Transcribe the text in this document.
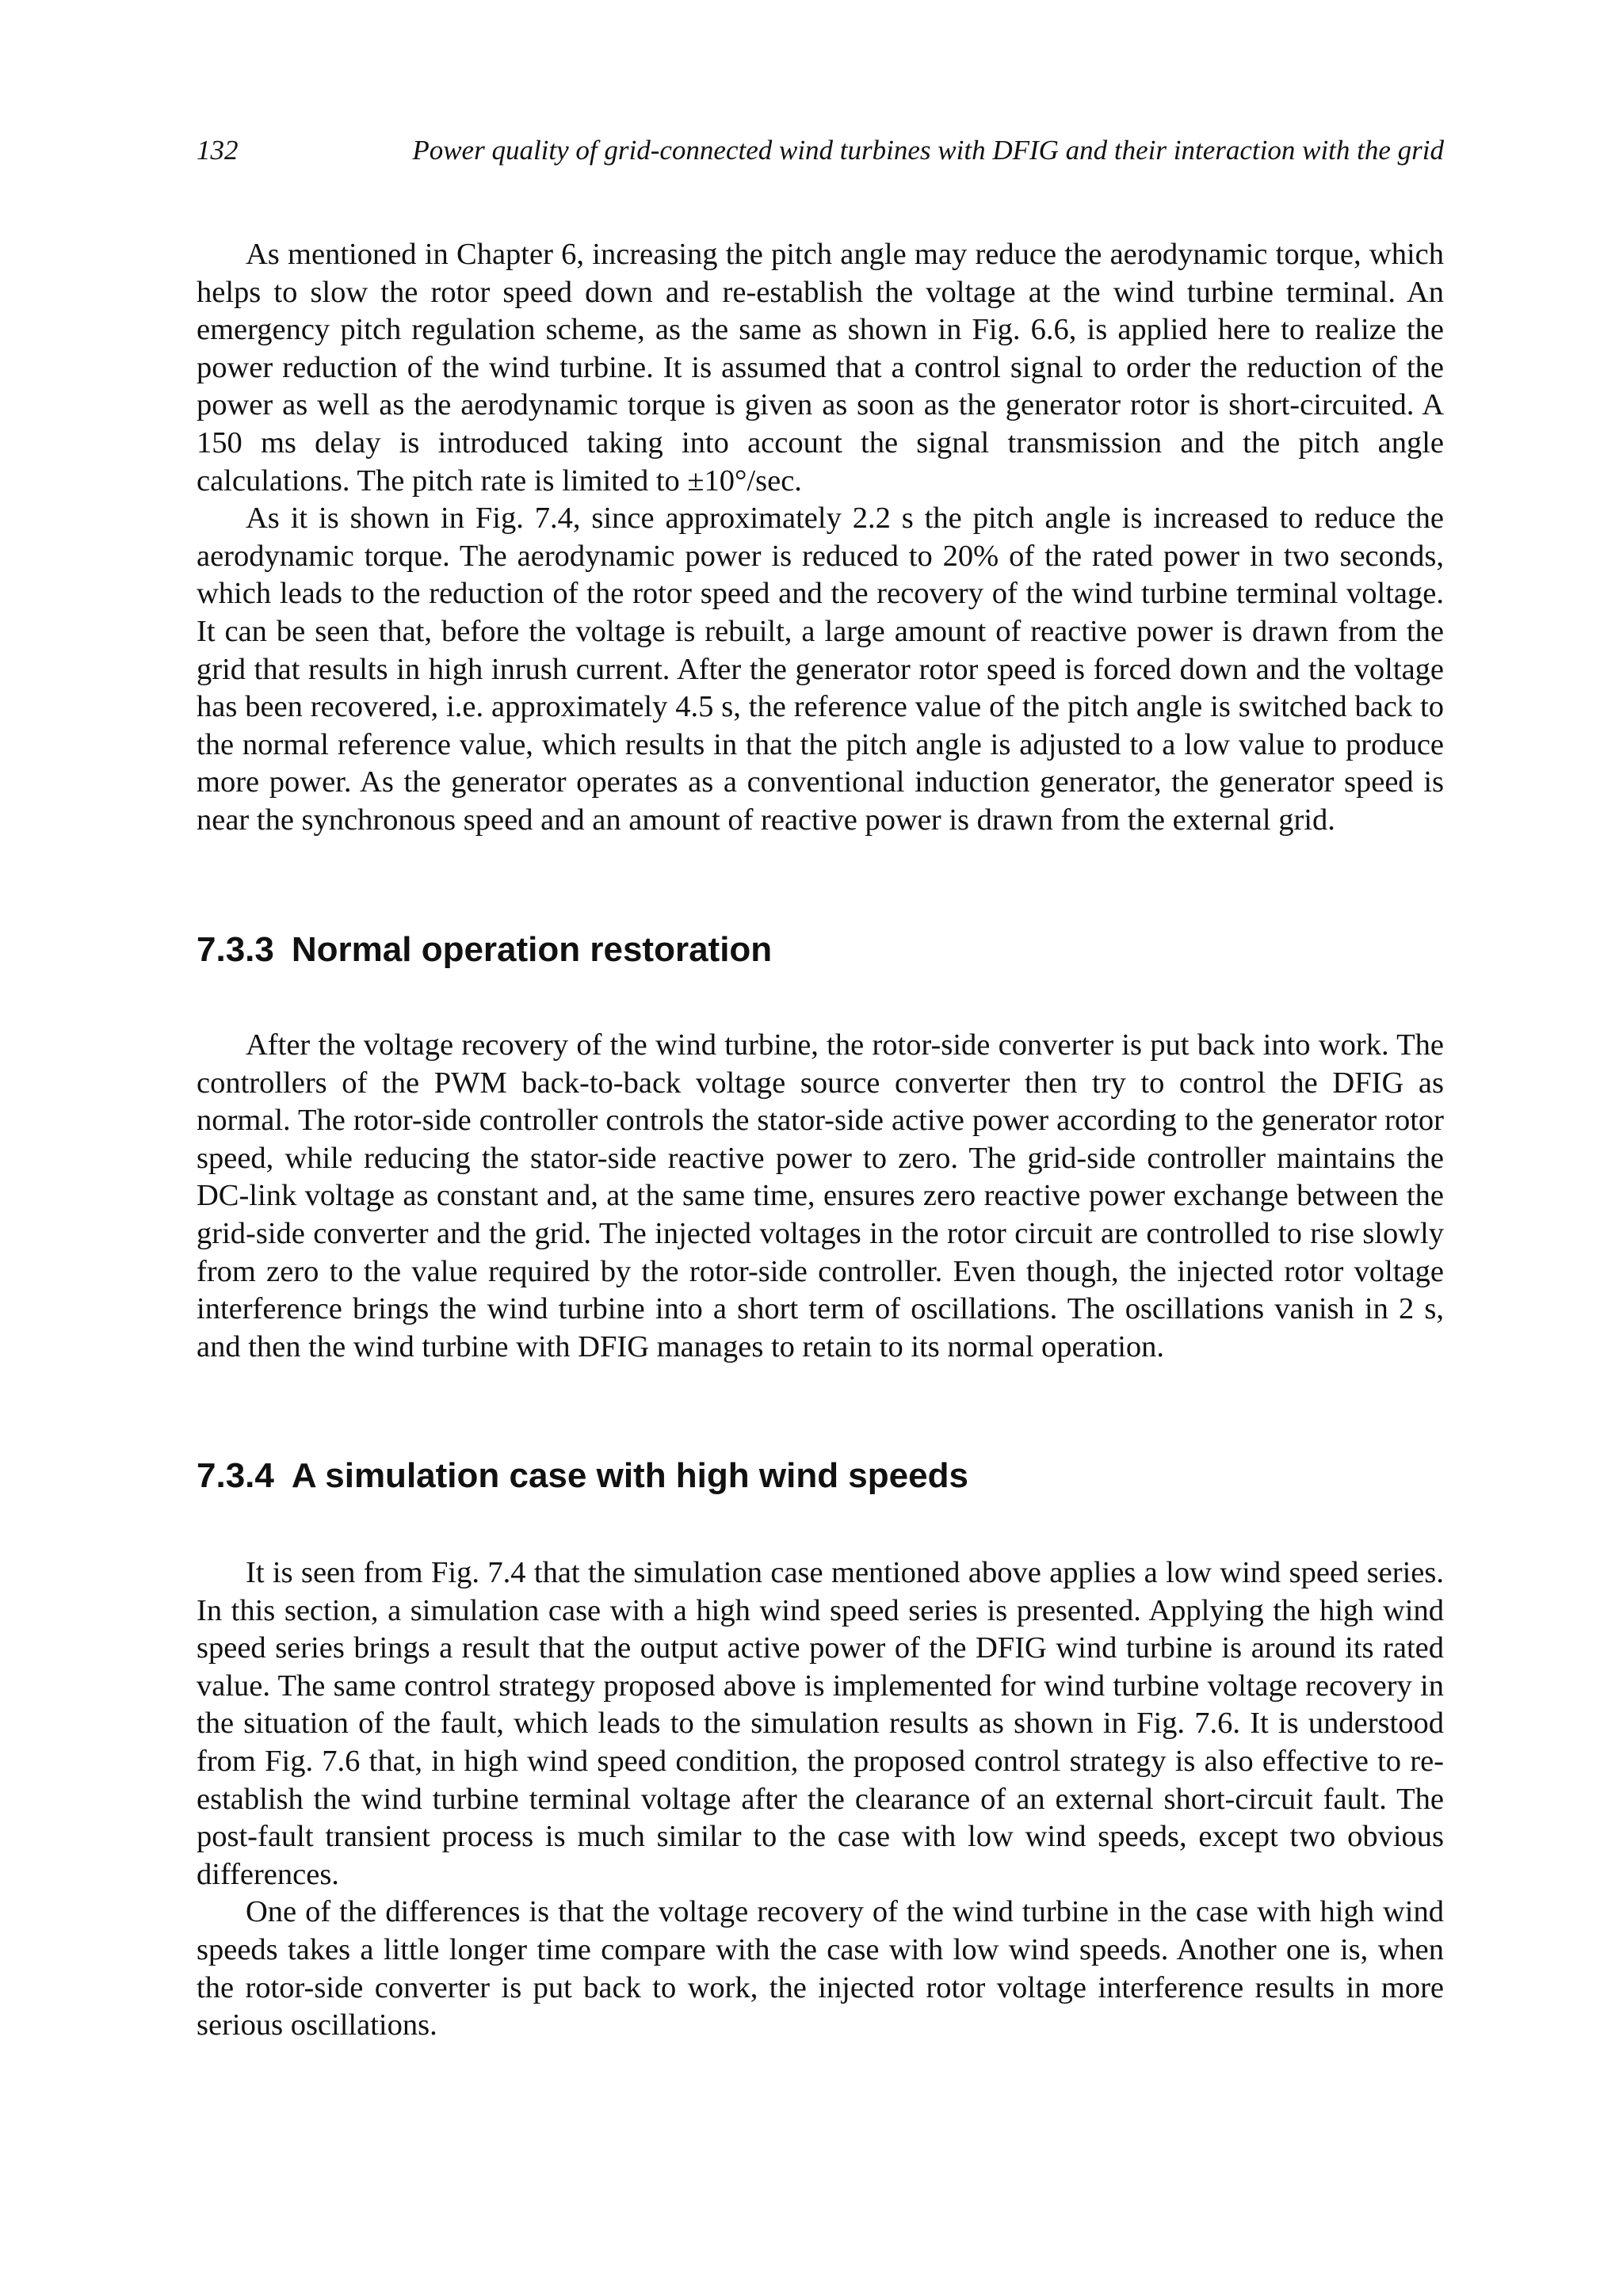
132	Power quality of grid-connected wind turbines with DFIG and their interaction with the grid

As mentioned in Chapter 6, increasing the pitch angle may reduce the aerodynamic torque, which helps to slow the rotor speed down and re-establish the voltage at the wind turbine terminal. An emergency pitch regulation scheme, as the same as shown in Fig. 6.6, is applied here to realize the power reduction of the wind turbine. It is assumed that a control signal to order the reduction of the power as well as the aerodynamic torque is given as soon as the generator rotor is short-circuited. A 150 ms delay is introduced taking into account the signal transmission and the pitch angle calculations. The pitch rate is limited to ±10°/sec.

As it is shown in Fig. 7.4, since approximately 2.2 s the pitch angle is increased to reduce the aerodynamic torque. The aerodynamic power is reduced to 20% of the rated power in two seconds, which leads to the reduction of the rotor speed and the recovery of the wind turbine terminal voltage. It can be seen that, before the voltage is rebuilt, a large amount of reactive power is drawn from the grid that results in high inrush current. After the generator rotor speed is forced down and the voltage has been recovered, i.e. approximately 4.5 s, the reference value of the pitch angle is switched back to the normal reference value, which results in that the pitch angle is adjusted to a low value to produce more power. As the generator operates as a conventional induction generator, the generator speed is near the synchronous speed and an amount of reactive power is drawn from the external grid.

7.3.3 Normal operation restoration

After the voltage recovery of the wind turbine, the rotor-side converter is put back into work. The controllers of the PWM back-to-back voltage source converter then try to control the DFIG as normal. The rotor-side controller controls the stator-side active power according to the generator rotor speed, while reducing the stator-side reactive power to zero. The grid-side controller maintains the DC-link voltage as constant and, at the same time, ensures zero reactive power exchange between the grid-side converter and the grid. The injected voltages in the rotor circuit are controlled to rise slowly from zero to the value required by the rotor-side controller. Even though, the injected rotor voltage interference brings the wind turbine into a short term of oscillations. The oscillations vanish in 2 s, and then the wind turbine with DFIG manages to retain to its normal operation.

7.3.4 A simulation case with high wind speeds

It is seen from Fig. 7.4 that the simulation case mentioned above applies a low wind speed series. In this section, a simulation case with a high wind speed series is presented. Applying the high wind speed series brings a result that the output active power of the DFIG wind turbine is around its rated value. The same control strategy proposed above is implemented for wind turbine voltage recovery in the situation of the fault, which leads to the simulation results as shown in Fig. 7.6. It is understood from Fig. 7.6 that, in high wind speed condition, the proposed control strategy is also effective to re-establish the wind turbine terminal voltage after the clearance of an external short-circuit fault. The post-fault transient process is much similar to the case with low wind speeds, except two obvious differences.

One of the differences is that the voltage recovery of the wind turbine in the case with high wind speeds takes a little longer time compare with the case with low wind speeds. Another one is, when the rotor-side converter is put back to work, the injected rotor voltage interference results in more serious oscillations.
